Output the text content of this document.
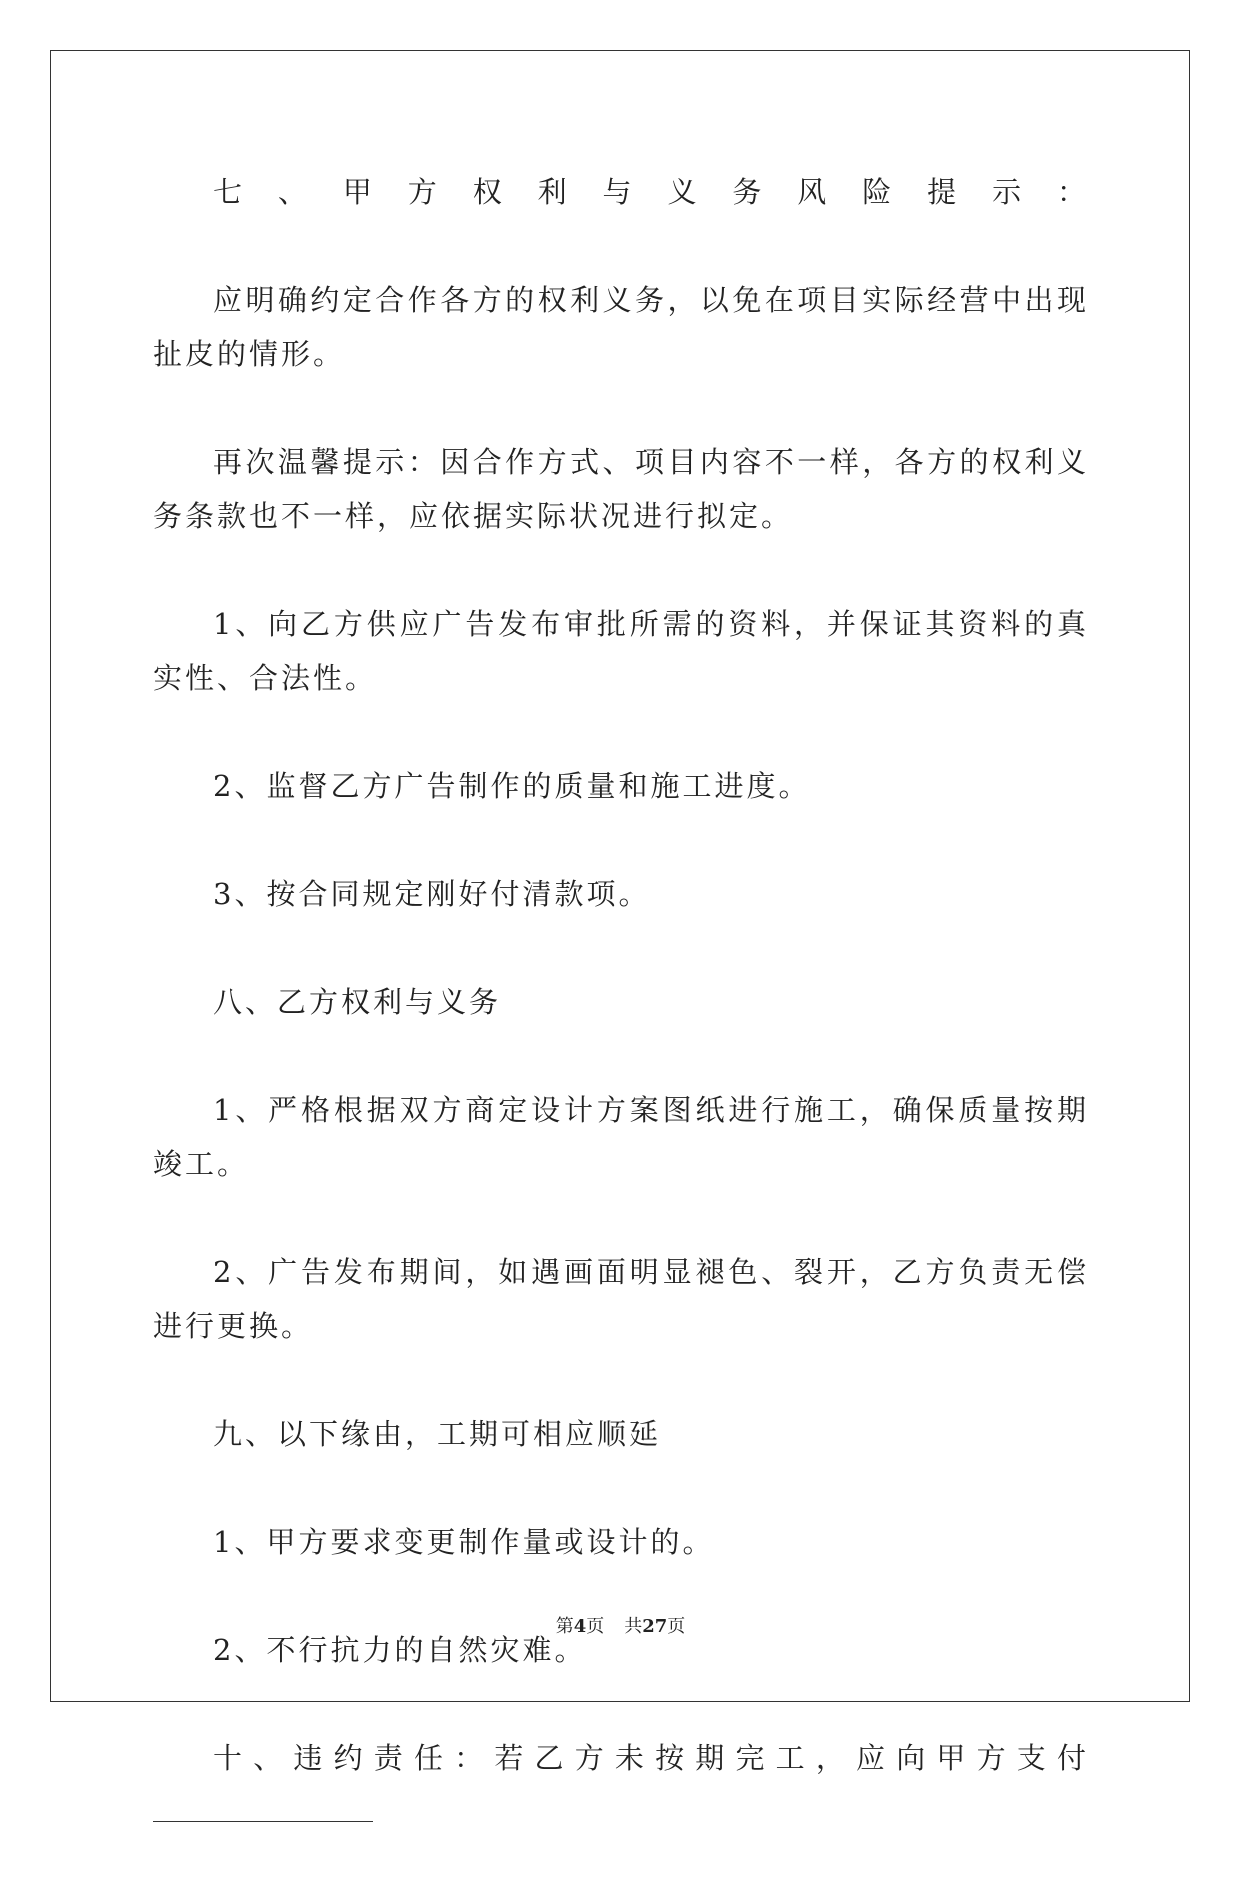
七、甲方权利与义务风险提示：

应明确约定合作各方的权利义务，以免在项目实际经营中出现扯皮的情形。

再次温馨提示：因合作方式、项目内容不一样，各方的权利义务条款也不一样，应依据实际状况进行拟定。

1、向乙方供应广告发布审批所需的资料，并保证其资料的真实性、合法性。

2、监督乙方广告制作的质量和施工进度。

3、按合同规定刚好付清款项。

八、乙方权利与义务

1、严格根据双方商定设计方案图纸进行施工，确保质量按期竣工。

2、广告发布期间，如遇画面明显褪色、裂开，乙方负责无偿进行更换。

九、以下缘由，工期可相应顺延

1、甲方要求变更制作量或设计的。

2、不行抗力的自然灾难。

十、违约责任：若乙方未按期完工，应向甲方支付

第4页 共27页
